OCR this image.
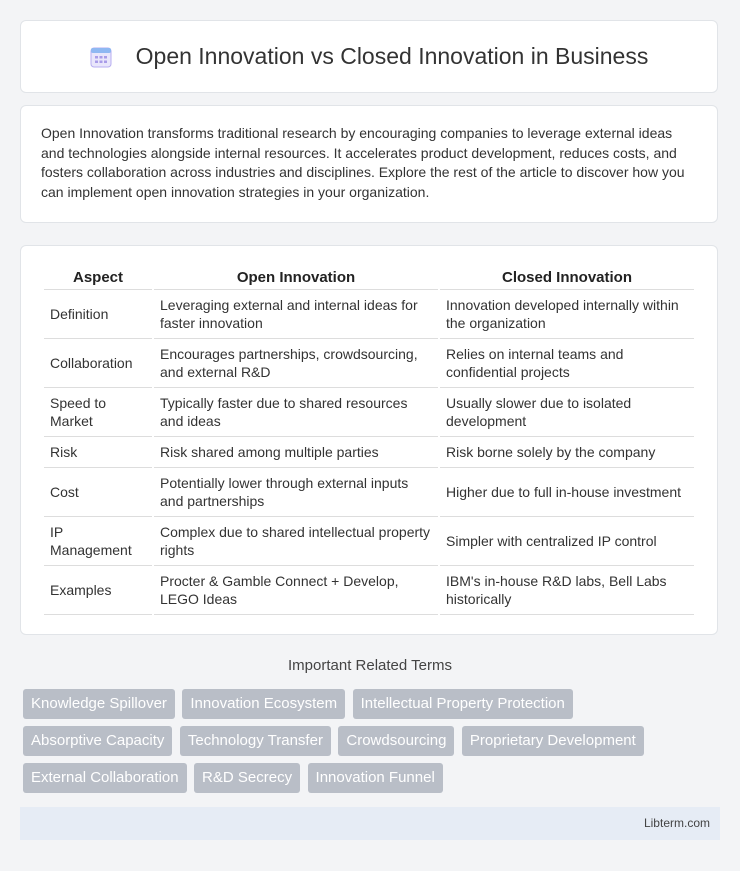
Open Innovation vs Closed Innovation in Business

Open Innovation transforms traditional research by encouraging companies to leverage external ideas and technologies alongside internal resources. It accelerates product development, reduces costs, and fosters collaboration across industries and disciplines. Explore the rest of the article to discover how you can implement open innovation strategies in your organization.

Aspect	Open Innovation	Closed Innovation
Definition	Leveraging external and internal ideas for faster innovation	Innovation developed internally within the organization
Collaboration	Encourages partnerships, crowdsourcing, and external R&D	Relies on internal teams and confidential projects
Speed to Market	Typically faster due to shared resources and ideas	Usually slower due to isolated development
Risk	Risk shared among multiple parties	Risk borne solely by the company
Cost	Potentially lower through external inputs and partnerships	Higher due to full in-house investment
IP Management	Complex due to shared intellectual property rights	Simpler with centralized IP control
Examples	Procter & Gamble Connect + Develop, LEGO Ideas	IBM's in-house R&D labs, Bell Labs historically
Important Related Terms
Knowledge Spillover Innovation Ecosystem Intellectual Property Protection
Absorptive Capacity Technology Transfer Crowdsourcing Proprietary Development
External Collaboration R&D Secrecy Innovation Funnel
Libterm.com
